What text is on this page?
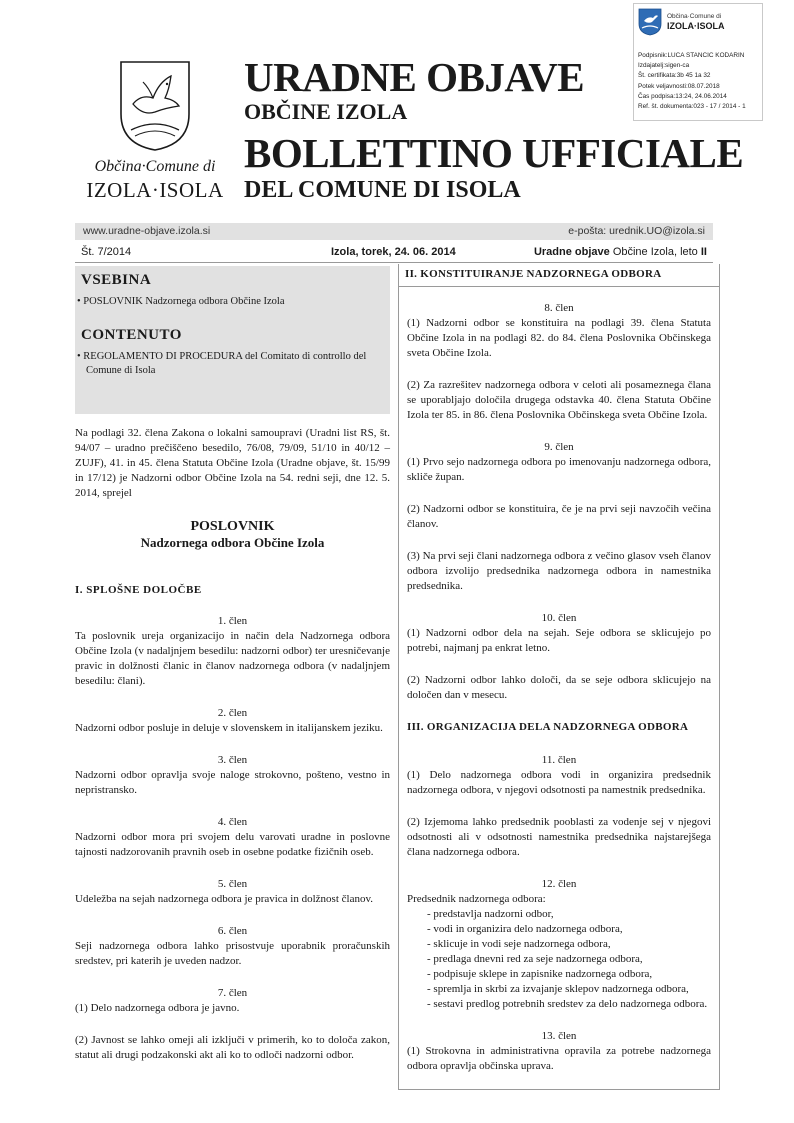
Občina·Comune di
IZOLA·ISOLA
Podpisnik:LUCA STANCIC KODARIN
Izdajatelj:sigen-ca
Št. certifikata:3b 45 1a 32
Potek veljavnosti:08.07.2018
Čas podpisa:13:24, 24.06.2014
Ref. št. dokumenta:023 - 17 / 2014 - 1
Občina·Comune di
IZOLA·ISOLA
URADNE OBJAVE
OBČINE IZOLA
BOLLETTINO UFFICIALE
DEL COMUNE DI ISOLA
www.uradne-objave.izola.si	e-pošta: urednik.UO@izola.si
Št. 7/2014	Izola, torek, 24. 06. 2014	Uradne objave Občine Izola, leto II
VSEBINA
• POSLOVNIK Nadzornega odbora Občine Izola
CONTENUTO
• REGOLAMENTO DI PROCEDURA del Comitato di controllo del Comune di Isola
Na podlagi 32. člena Zakona o lokalni samoupravi (Uradni list RS, št. 94/07 – uradno prečiščeno besedilo, 76/08, 79/09, 51/10 in 40/12 – ZUJF), 41. in 45. člena Statuta Občine Izola (Uradne objave, št. 15/99 in 17/12) je Nadzorni odbor Občine Izola na 54. redni seji, dne 12. 5. 2014, sprejel
POSLOVNIK
Nadzornega odbora Občine Izola
I. SPLOŠNE DOLOČBE
1. člen
Ta poslovnik ureja organizacijo in način dela Nadzornega odbora Občine Izola (v nadaljnjem besedilu: nadzorni odbor) ter uresničevanje pravic in dolžnosti članic in članov nadzornega odbora (v nadaljnjem besedilu: člani).
2. člen
Nadzorni odbor posluje in deluje v slovenskem in italijanskem jeziku.
3. člen
Nadzorni odbor opravlja svoje naloge strokovno, pošteno, vestno in nepristransko.
4. člen
Nadzorni odbor mora pri svojem delu varovati uradne in poslovne tajnosti nadzorovanih pravnih oseb in osebne podatke fizičnih oseb.
5. člen
Udeležba na sejah nadzornega odbora je pravica in dolžnost članov.
6. člen
Seji nadzornega odbora lahko prisostvuje uporabnik proračunskih sredstev, pri katerih je uveden nadzor.
7. člen
(1) Delo nadzornega odbora je javno.
(2) Javnost se lahko omeji ali izključi v primerih, ko to določa zakon, statut ali drugi podzakonski akt ali ko to odloči nadzorni odbor.
II. KONSTITUIRANJE NADZORNEGA ODBORA
8. člen
(1) Nadzorni odbor se konstituira na podlagi 39. člena Statuta Občine Izola in na podlagi 82. do 84. člena Poslovnika Občinskega sveta Občine Izola.
(2) Za razrešitev nadzornega odbora v celoti ali posameznega člana se uporabljajo določila drugega odstavka 40. člena Statuta Občine Izola ter 85. in 86. člena Poslovnika Občinskega sveta Občine Izola.
9. člen
(1) Prvo sejo nadzornega odbora po imenovanju nadzornega odbora, skliče župan.
(2) Nadzorni odbor se konstituira, če je na prvi seji navzočih večina članov.
(3) Na prvi seji člani nadzornega odbora z večino glasov vseh članov odbora izvolijo predsednika nadzornega odbora in namestnika predsednika.
10. člen
(1) Nadzorni odbor dela na sejah. Seje odbora se sklicujejo po potrebi, najmanj pa enkrat letno.
(2) Nadzorni odbor lahko določi, da se seje odbora sklicujejo na določen dan v mesecu.
III. ORGANIZACIJA DELA NADZORNEGA ODBORA
11. člen
(1) Delo nadzornega odbora vodi in organizira predsednik nadzornega odbora, v njegovi odsotnosti pa namestnik predsednika.
(2) Izjemoma lahko predsednik pooblasti za vodenje sej v njegovi odsotnosti ali v odsotnosti namestnika predsednika najstarejšega člana nadzornega odbora.
12. člen
Predsednik nadzornega odbora:
- predstavlja nadzorni odbor,
- vodi in organizira delo nadzornega odbora,
- sklicuje in vodi seje nadzornega odbora,
- predlaga dnevni red za seje nadzornega odbora,
- podpisuje sklepe in zapisnike nadzornega odbora,
- spremlja in skrbi za izvajanje sklepov nadzornega odbora,
- sestavi predlog potrebnih sredstev za delo nadzornega odbora.
13. člen
(1) Strokovna in administrativna opravila za potrebe nadzornega odbora opravlja občinska uprava.
